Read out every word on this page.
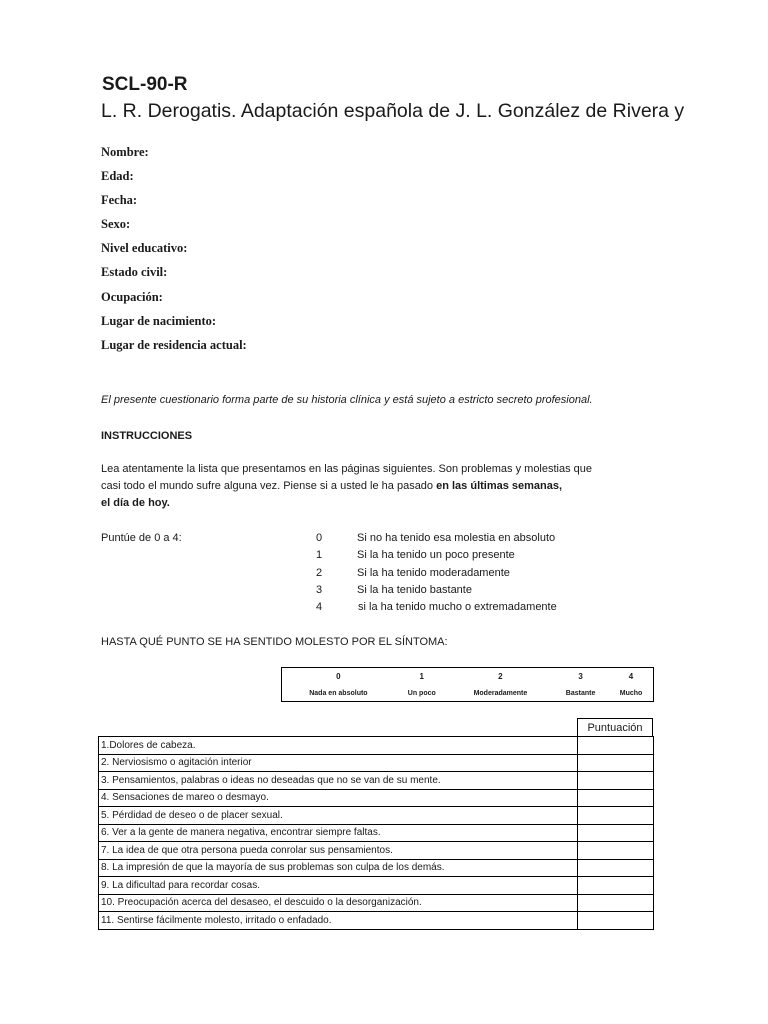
SCL-90-R
L. R. Derogatis. Adaptación española de J. L. González de Rivera y
Nombre:
Edad:
Fecha:
Sexo:
Nivel educativo:
Estado civil:
Ocupación:
Lugar de nacimiento:
Lugar de residencia actual:
El presente cuestionario forma parte de su historia clínica y está sujeto a estricto secreto profesional.
INSTRUCCIONES
Lea atentamente la lista que presentamos en las páginas siguientes. Son problemas y molestias que
casi todo el mundo sufre alguna vez. Piense si a usted le ha pasado en las últimas semanas,
el día de hoy.
Puntúe de 0 a 4:	0	Si no ha tenido esa molestia en absoluto
1	Si la ha tenido un poco presente
2	Si la ha tenido moderadamente
3	Si la ha tenido bastante
4	si la ha tenido mucho o extremadamente
HASTA QUÉ PUNTO SE HA SENTIDO MOLESTO POR EL SÍNTOMA:
0	1	2	3	4
Nada en absoluto	Un poco	Moderadamente	Bastante	Mucho
Puntuación
1.Dolores de cabeza.	
2. Nerviosismo o agitación interior	
3. Pensamientos, palabras o ideas no deseadas que no se van de su mente.	
4. Sensaciones de mareo o desmayo.	
5. Pérdidad de deseo o de placer sexual.	
6. Ver a la gente de manera negativa, encontrar siempre faltas.	
7. La idea de que otra persona pueda conrolar sus pensamientos.	
8. La impresión de que la mayoría de sus problemas son culpa de los demás.	
9. La dificultad para recordar cosas.	
10. Preocupación acerca del desaseo, el descuido o la desorganización.	
11. Sentirse fácilmente molesto, irritado o enfadado.	
